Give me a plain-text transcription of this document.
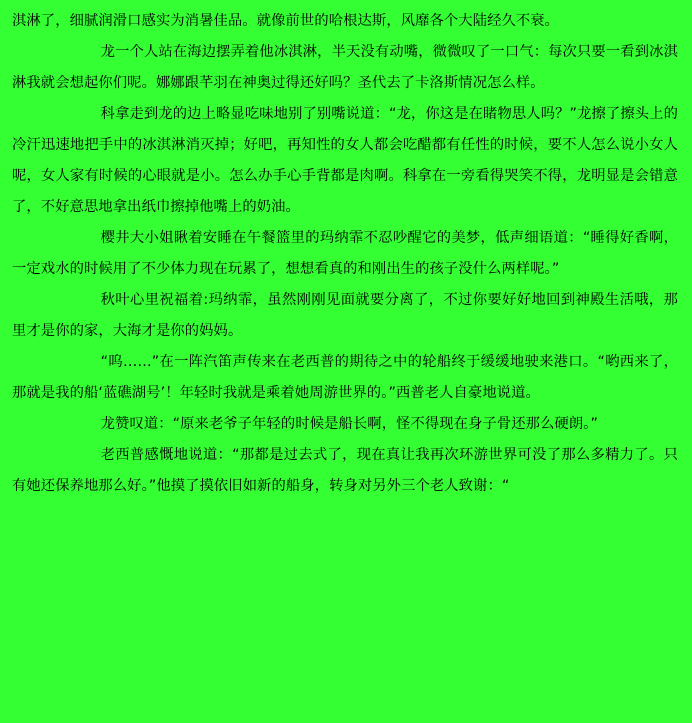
淇淋了，细腻润滑口感实为消暑佳品。就像前世的哈根达斯，风靡各个大陆经久不衰。

龙一个人站在海边摆弄着他冰淇淋，半天没有动嘴，微微叹了一口气：每次只要一看到冰淇淋我就会想起你们呢。娜娜跟芊羽在神奥过得还好吗？圣代去了卡洛斯情况怎么样。

科拿走到龙的边上略显吃味地别了别嘴说道：“龙，你这是在睹物思人吗？”龙擦了擦头上的冷汗迅速地把手中的冰淇淋消灭掉；好吧，再知性的女人都会吃醋都有任性的时候，要不人怎么说小女人呢，女人家有时候的心眼就是小。怎么办手心手背都是肉啊。科拿在一旁看得哭笑不得，龙明显是会错意了，不好意思地拿出纸巾擦掉他嘴上的奶油。

樱井大小姐瞅着安睡在午餐篮里的玛纳霏不忍吵醒它的美梦，低声细语道：“睡得好香啊，一定戏水的时候用了不少体力现在玩累了，想想看真的和刚出生的孩子没什么两样呢。”

秋叶心里祝福着:玛纳霏，虽然刚刚见面就要分离了，不过你要好好地回到神殿生活哦，那里才是你的家，大海才是你的妈妈。

“呜……”在一阵汽笛声传来在老西普的期待之中的轮船终于缓缓地驶来港口。“哟西来了，那就是我的船‘蓝礁湖号’！年轻时我就是乘着她周游世界的。”西普老人自豪地说道。

龙赞叹道：“原来老爷子年轻的时候是船长啊，怪不得现在身子骨还那么硬朗。”

老西普感慨地说道：“那都是过去式了，现在真让我再次环游世界可没了那么多精力了。只有她还保养地那么好。”他摸了摸依旧如新的船身，转身对另外三个老人致谢：“
